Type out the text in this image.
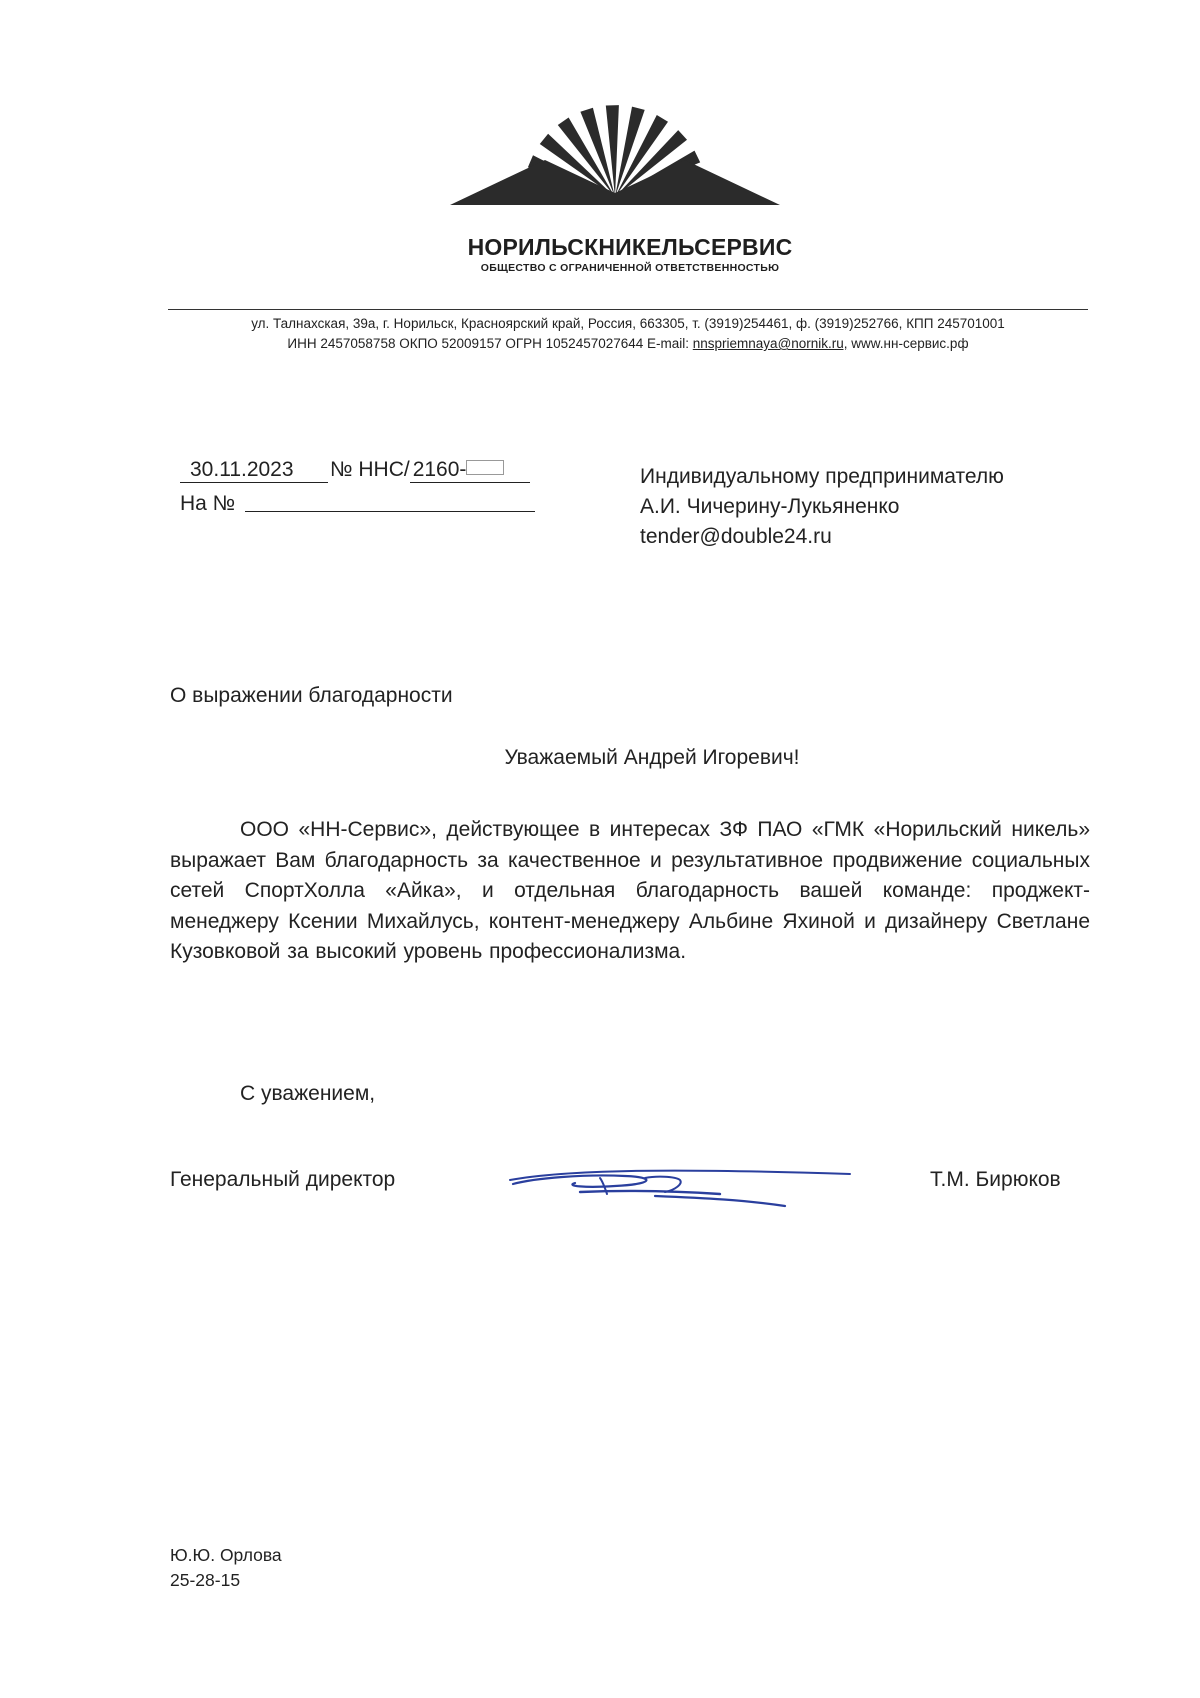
НОРИЛЬСКНИКЕЛЬСЕРВИС
ОБЩЕСТВО С ОГРАНИЧЕННОЙ ОТВЕТСТВЕННОСТЬЮ
ул. Талнахская, 39а, г. Норильск, Красноярский край, Россия, 663305, т. (3919)254461, ф. (3919)252766, КПП 245701001
ИНН 2457058758 ОКПО 52009157 ОГРН 1052457027644 E-mail: nnspriemnaya@nornik.ru, www.нн-сервис.рф
30.11.2023 № ННС/ 2160-
На №
Индивидуальному предпринимателю
А.И. Чичерину-Лукьяненко
tender@double24.ru
О выражении благодарности
Уважаемый Андрей Игоревич!
ООО «НН-Сервис», действующее в интересах ЗФ ПАО «ГМК «Норильский никель» выражает Вам благодарность за качественное и результативное продвижение социальных сетей СпортХолла «Айка», и отдельная благодарность вашей команде: проджект-менеджеру Ксении Михайлусь, контент-менеджеру Альбине Яхиной и дизайнеру Светлане Кузовковой за высокий уровень профессионализма.
С уважением,
Генеральный директор	Т.М. Бирюков
Ю.Ю. Орлова
25-28-15
